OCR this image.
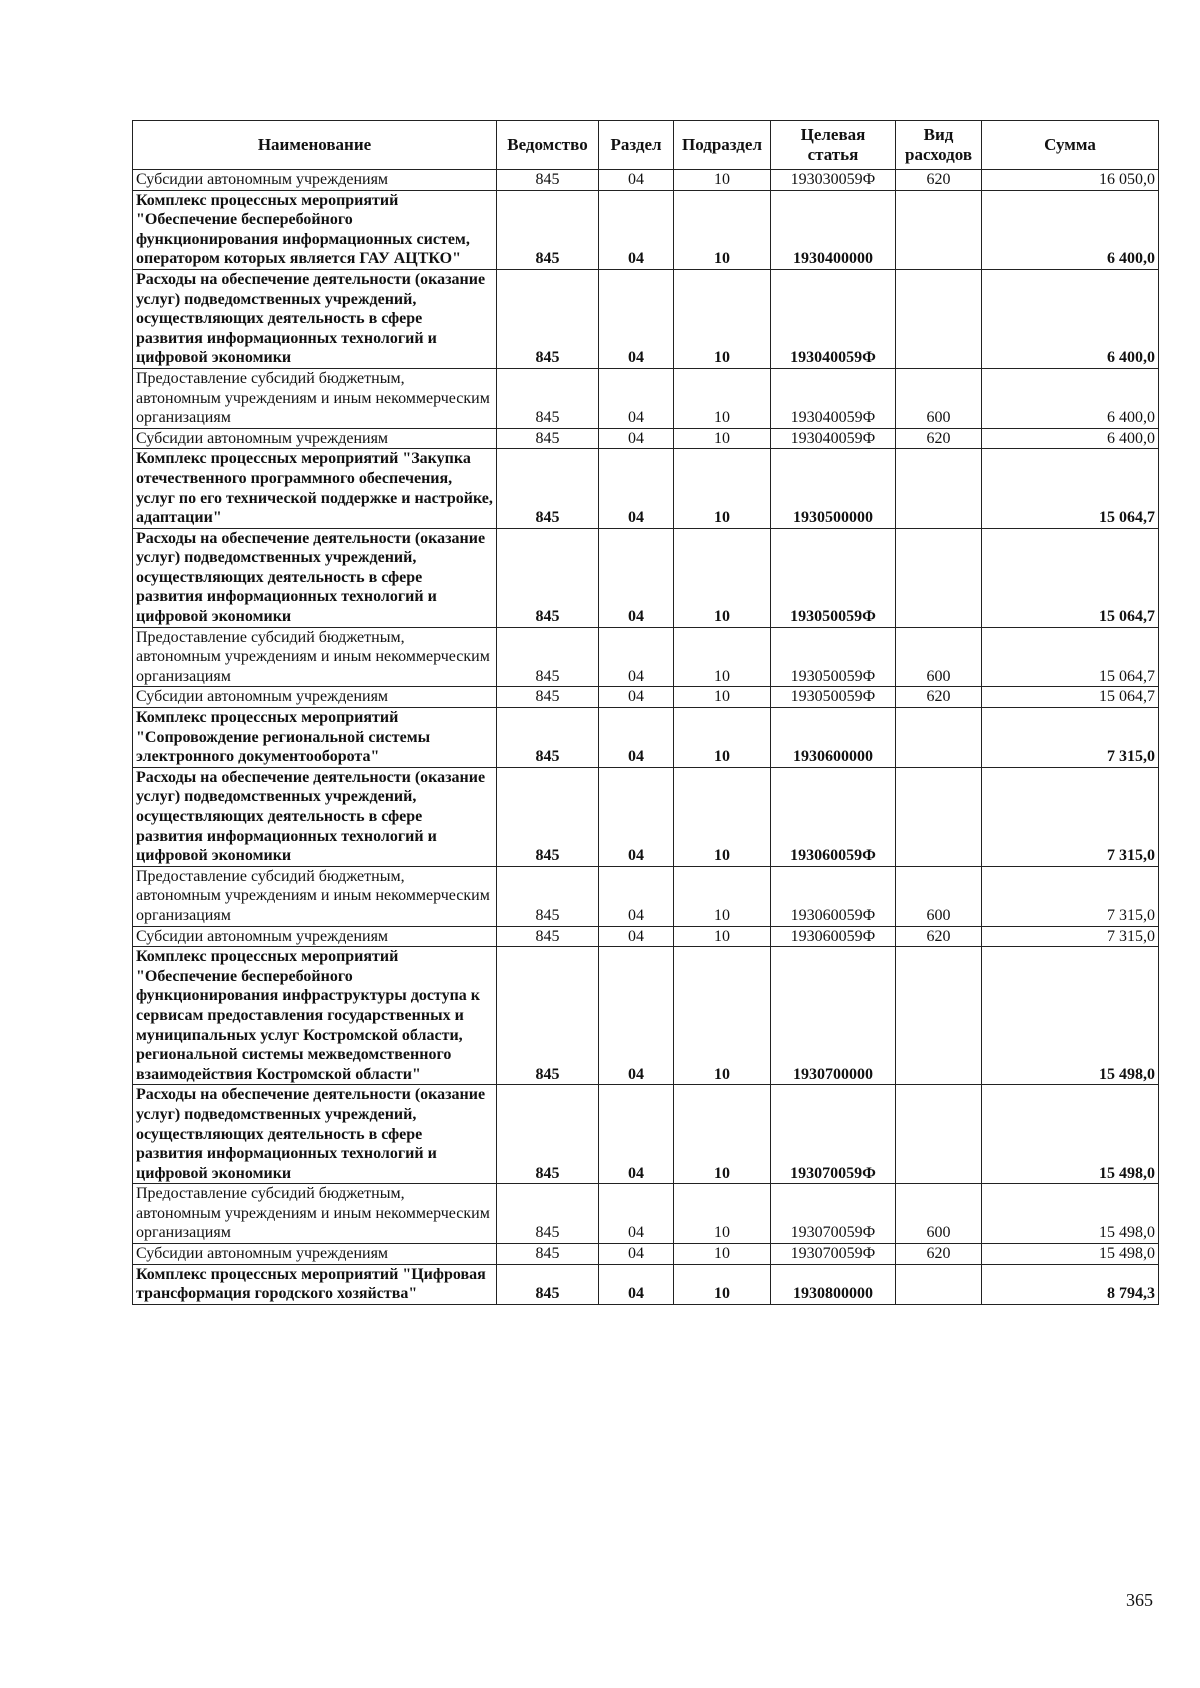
Наименование	Ведомство	Раздел	Подраздел	Целевая статья	Вид расходов	Сумма
Субсидии автономным учреждениям	845	04	10	193030059Ф	620	16 050,0
Комплекс процессных мероприятий "Обеспечение бесперебойного функционирования информационных систем, оператором которых является ГАУ АЦТКО"	845	04	10	1930400000		6 400,0
Расходы на обеспечение деятельности (оказание услуг) подведомственных учреждений, осуществляющих деятельность в сфере развития информационных технологий и цифровой экономики	845	04	10	193040059Ф		6 400,0
Предоставление субсидий бюджетным, автономным учреждениям и иным некоммерческим организациям	845	04	10	193040059Ф	600	6 400,0
Субсидии автономным учреждениям	845	04	10	193040059Ф	620	6 400,0
Комплекс процессных мероприятий "Закупка отечественного программного обеспечения, услуг по его технической поддержке и настройке, адаптации"	845	04	10	1930500000		15 064,7
Расходы на обеспечение деятельности (оказание услуг) подведомственных учреждений, осуществляющих деятельность в сфере развития информационных технологий и цифровой экономики	845	04	10	193050059Ф		15 064,7
Предоставление субсидий бюджетным, автономным учреждениям и иным некоммерческим организациям	845	04	10	193050059Ф	600	15 064,7
Субсидии автономным учреждениям	845	04	10	193050059Ф	620	15 064,7
Комплекс процессных мероприятий "Сопровождение региональной системы электронного документооборота"	845	04	10	1930600000		7 315,0
Расходы на обеспечение деятельности (оказание услуг) подведомственных учреждений, осуществляющих деятельность в сфере развития информационных технологий и цифровой экономики	845	04	10	193060059Ф		7 315,0
Предоставление субсидий бюджетным, автономным учреждениям и иным некоммерческим организациям	845	04	10	193060059Ф	600	7 315,0
Субсидии автономным учреждениям	845	04	10	193060059Ф	620	7 315,0
Комплекс процессных мероприятий "Обеспечение бесперебойного функционирования инфраструктуры доступа к сервисам предоставления государственных и муниципальных услуг Костромской области, региональной системы межведомственного взаимодействия Костромской области"	845	04	10	1930700000		15 498,0
Расходы на обеспечение деятельности (оказание услуг) подведомственных учреждений, осуществляющих деятельность в сфере развития информационных технологий и цифровой экономики	845	04	10	193070059Ф		15 498,0
Предоставление субсидий бюджетным, автономным учреждениям и иным некоммерческим организациям	845	04	10	193070059Ф	600	15 498,0
Субсидии автономным учреждениям	845	04	10	193070059Ф	620	15 498,0
Комплекс процессных мероприятий "Цифровая трансформация городского хозяйства"	845	04	10	1930800000		8 794,3
365
